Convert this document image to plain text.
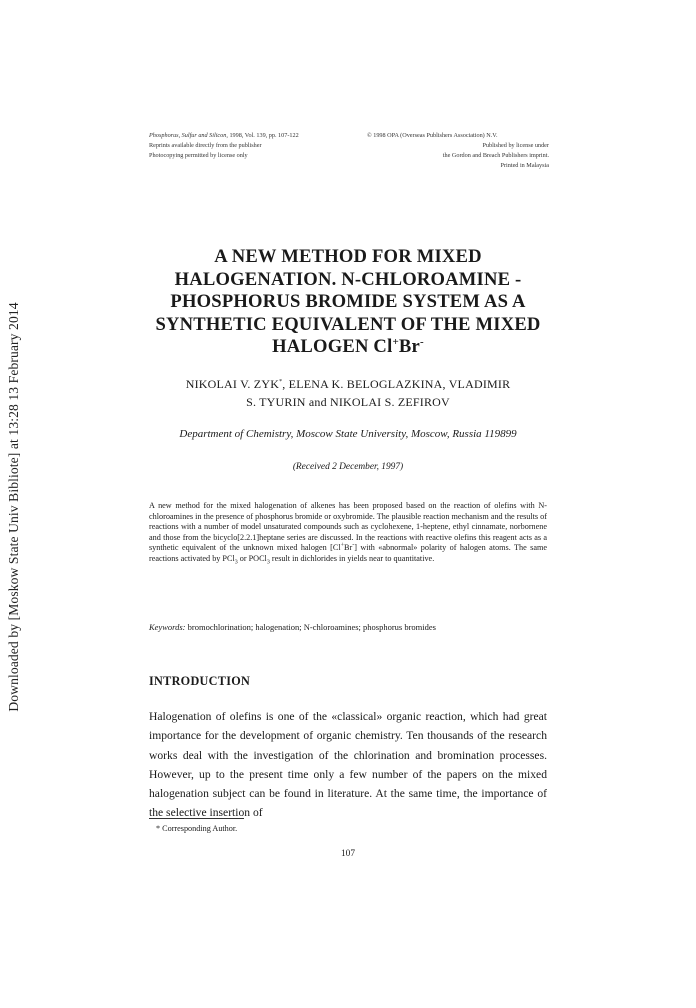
Downloaded by [Moskow State Univ Bibliote] at 13:28 13 February 2014
Phosphorus, Sulfur and Silicon, 1998, Vol. 139, pp. 107-122
Reprints available directly from the publisher
Photocopying permitted by license only
© 1998 OPA (Overseas Publishers Association) N.V.
Published by license under
the Gordon and Breach Publishers imprint.
Printed in Malaysia
A NEW METHOD FOR MIXED
HALOGENATION. N-CHLOROAMINE -
PHOSPHORUS BROMIDE SYSTEM AS A
SYNTHETIC EQUIVALENT OF THE MIXED
HALOGEN Cl+Br-
NIKOLAI V. ZYK*, ELENA K. BELOGLAZKINA, VLADIMIR
S. TYURIN and NIKOLAI S. ZEFIROV
Department of Chemistry, Moscow State University, Moscow, Russia 119899
(Received 2 December, 1997)

A new method for the mixed halogenation of alkenes has been proposed based on the reaction of olefins with N-chloroamines in the presence of phosphorus bromide or oxybromide. The plausible reaction mechanism and the results of reactions with a number of model unsaturated compounds such as cyclohexene, 1-heptene, ethyl cinnamate, norbornene and those from the bicyclo[2.2.1]heptane series are discussed. In the reactions with reactive olefins this reagent acts as a synthetic equivalent of the unknown mixed halogen [Cl+Br-] with «abnormal» polarity of halogen atoms. The same reactions activated by PCl$_3$ or POCl$_3$ result in dichlorides in yields near to quantitative.

Keywords: bromochlorination; halogenation; N-chloroamines; phosphorus bromides
INTRODUCTION

Halogenation of olefins is one of the «classical» organic reaction, which had great importance for the development of organic chemistry. Ten thousands of the research works deal with the investigation of the chlorination and bromination processes. However, up to the present time only a few number of the papers on the mixed halogenation subject can be found in literature. At the same time, the importance of the selective insertion of

* Corresponding Author.
107
